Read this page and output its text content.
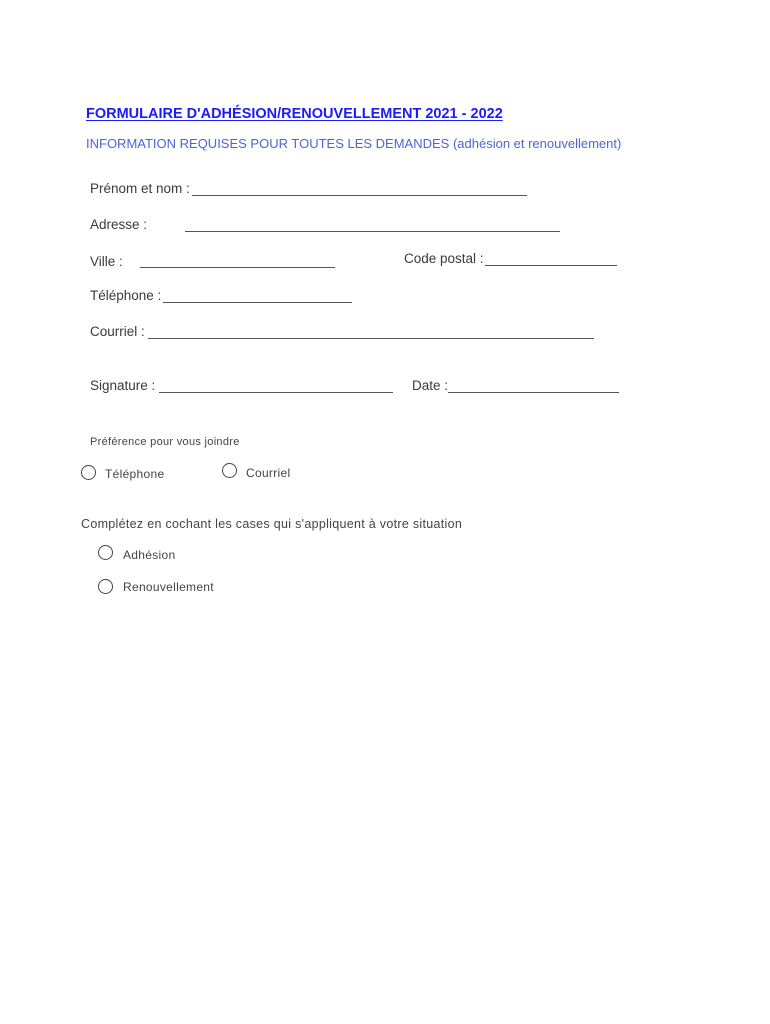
FORMULAIRE D'ADHÉSION/RENOUVELLEMENT 2021 - 2022
INFORMATION REQUISES POUR TOUTES LES DEMANDES (adhésion et renouvellement)
Prénom et nom :
Adresse :
Ville :	Code postal :
Téléphone :
Courriel :
Signature :	Date :
Préférence pour vous joindre
Téléphone	Courriel
Complétez en cochant les cases qui s'appliquent à votre situation
Adhésion
Renouvellement
